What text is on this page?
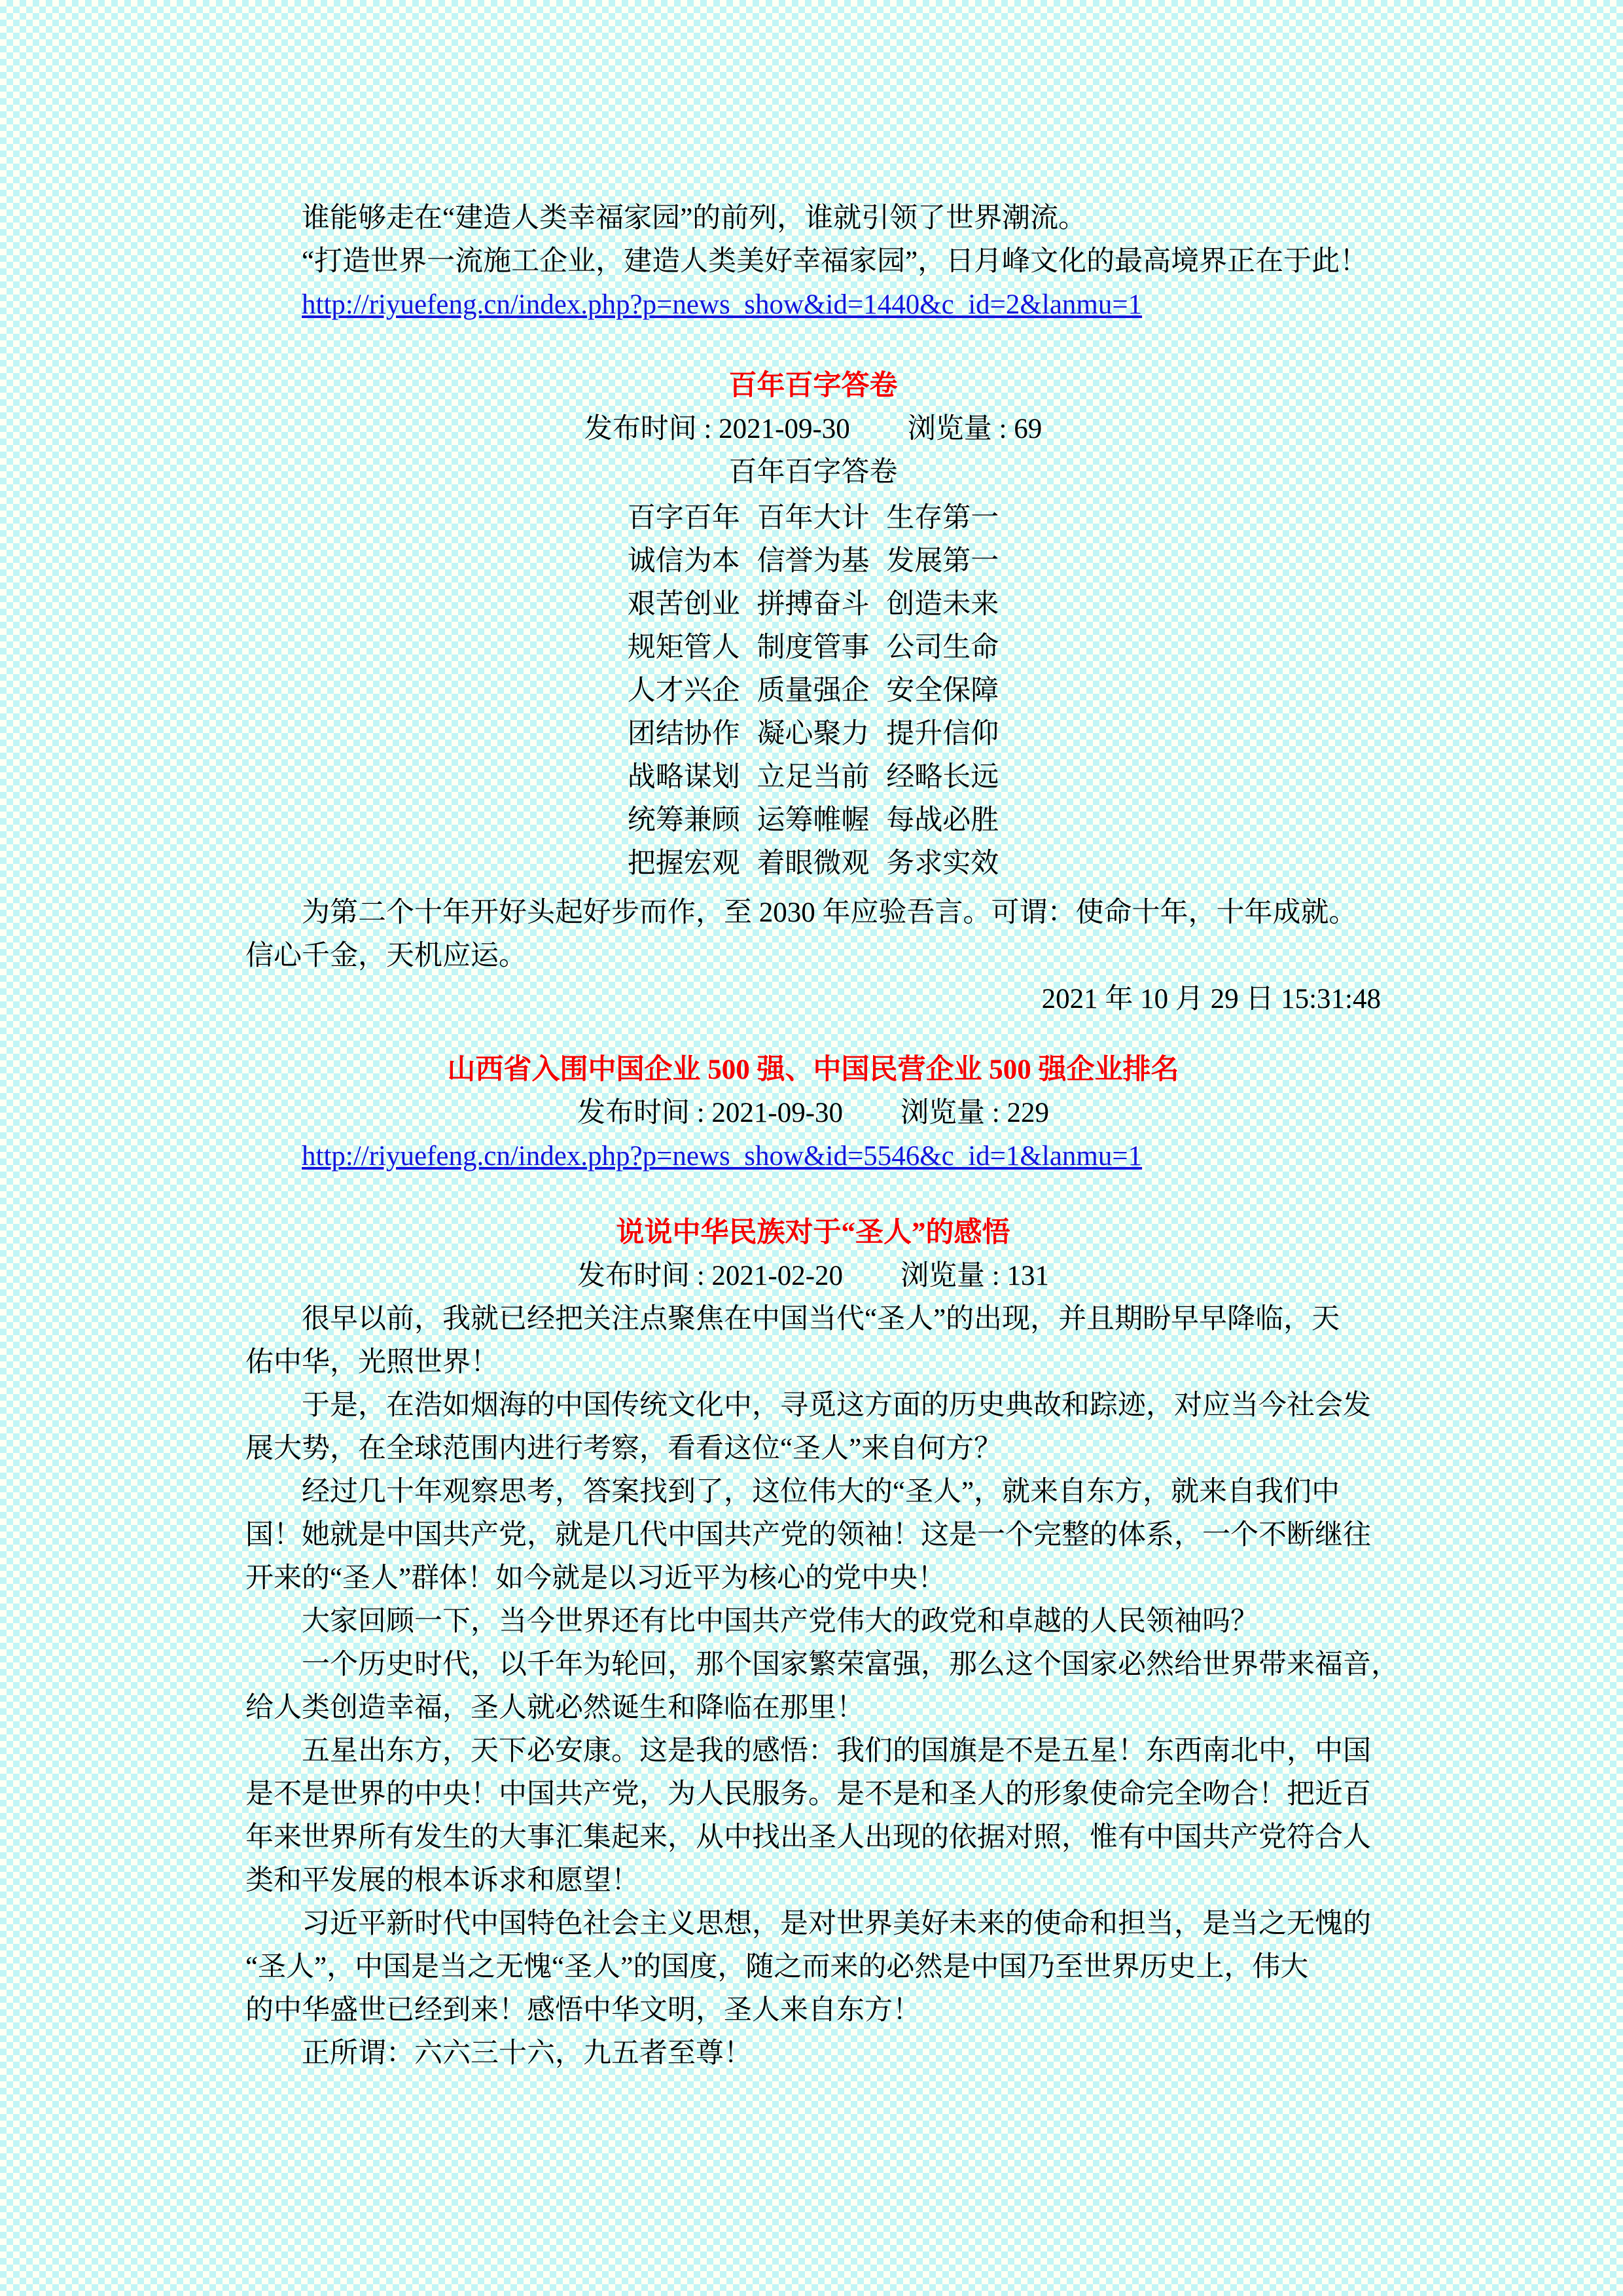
谁能够走在“建造人类幸福家园”的前列，谁就引领了世界潮流。
“打造世界一流施工企业，建造人类美好幸福家园”，日月峰文化的最高境界正在于此！
http://riyuefeng.cn/index.php?p=news_show&id=1440&c_id=2&lanmu=1
百年百字答卷
发布时间 : 2021-09-30 浏览量 : 69
百年百字答卷
百字百年 百年大计 生存第一
诚信为本 信誉为基 发展第一
艰苦创业 拼搏奋斗 创造未来
规矩管人 制度管事 公司生命
人才兴企 质量强企 安全保障
团结协作 凝心聚力 提升信仰
战略谋划 立足当前 经略长远
统筹兼顾 运筹帷幄 每战必胜
把握宏观 着眼微观 务求实效
为第二个十年开好头起好步而作，至 2030 年应验吾言。可谓：使命十年，十年成就。
信心千金，天机应运。
2021 年 10 月 29 日 15:31:48
山西省入围中国企业 500 强、中国民营企业 500 强企业排名
发布时间 : 2021-09-30 浏览量 : 229
http://riyuefeng.cn/index.php?p=news_show&id=5546&c_id=1&lanmu=1
说说中华民族对于“圣人”的感悟
发布时间 : 2021-02-20 浏览量 : 131
很早以前，我就已经把关注点聚焦在中国当代“圣人”的出现，并且期盼早早降临，天
佑中华，光照世界！
于是，在浩如烟海的中国传统文化中，寻觅这方面的历史典故和踪迹，对应当今社会发
展大势，在全球范围内进行考察，看看这位“圣人”来自何方？
经过几十年观察思考，答案找到了，这位伟大的“圣人”，就来自东方，就来自我们中
国！她就是中国共产党，就是几代中国共产党的领袖！这是一个完整的体系，一个不断继往
开来的“圣人”群体！如今就是以习近平为核心的党中央！
大家回顾一下，当今世界还有比中国共产党伟大的政党和卓越的人民领袖吗？
一个历史时代，以千年为轮回，那个国家繁荣富强，那么这个国家必然给世界带来福音，
给人类创造幸福，圣人就必然诞生和降临在那里！
五星出东方，天下必安康。这是我的感悟：我们的国旗是不是五星！东西南北中，中国
是不是世界的中央！中国共产党，为人民服务。是不是和圣人的形象使命完全吻合！把近百
年来世界所有发生的大事汇集起来，从中找出圣人出现的依据对照，惟有中国共产党符合人
类和平发展的根本诉求和愿望！
习近平新时代中国特色社会主义思想，是对世界美好未来的使命和担当，是当之无愧的
“圣人”，中国是当之无愧“圣人”的国度，随之而来的必然是中国乃至世界历史上，伟大
的中华盛世已经到来！感悟中华文明，圣人来自东方！
正所谓：六六三十六，九五者至尊！
